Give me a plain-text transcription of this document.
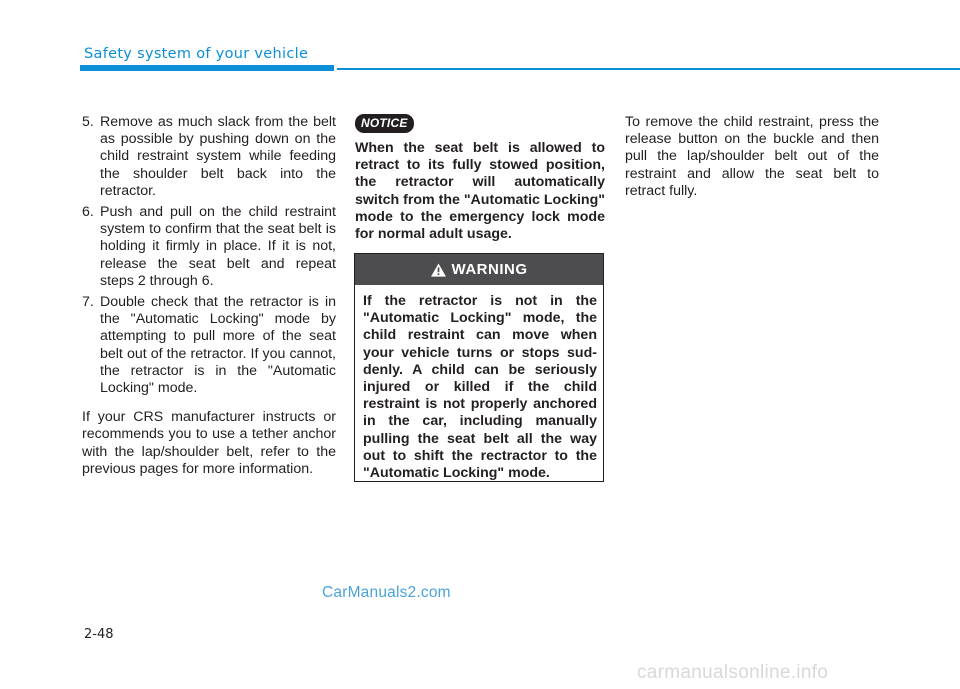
Safety system of your vehicle
5. Remove as much slack from the belt as possible by pushing down on the child restraint system while feeding the shoulder belt back into the retractor.
6. Push and pull on the child restraint system to confirm that the seat belt is holding it firmly in place. If it is not, release the seat belt and repeat steps 2 through 6.
7. Double check that the retractor is in the "Automatic Locking" mode by attempting to pull more of the seat belt out of the retractor. If you cannot, the retractor is in the "Automatic Locking" mode.
If your CRS manufacturer instructs or recommends you to use a tether anchor with the lap/shoulder belt, refer to the previous pages for more information.
NOTICE
When the seat belt is allowed to retract to its fully stowed position, the retractor will automatically switch from the "Automatic Locking" mode to the emergency lock mode for normal adult usage.
WARNING
If the retractor is not in the "Automatic Locking" mode, the child restraint can move when your vehicle turns or stops sud-denly. A child can be seriously injured or killed if the child restraint is not properly anchored in the car, including manually pulling the seat belt all the way out to shift the rectractor to the "Automatic Locking" mode.
To remove the child restraint, press the release button on the buckle and then pull the lap/shoulder belt out of the restraint and allow the seat belt to retract fully.
CarManuals2.com
2-48
carmanualsonline.info
